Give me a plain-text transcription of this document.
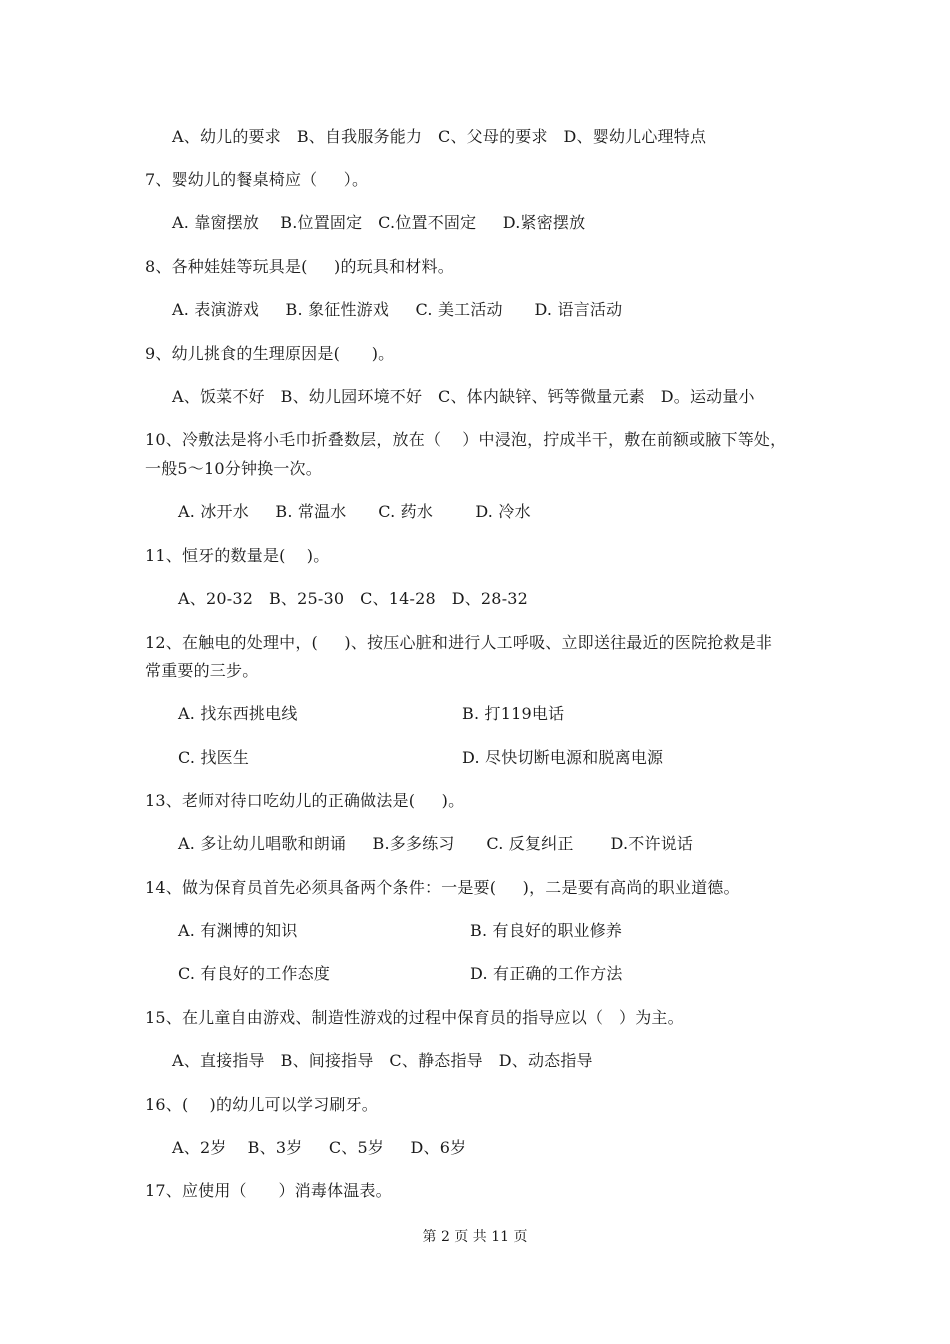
A、幼儿的要求   B、自我服务能力   C、父母的要求   D、婴幼儿心理特点
7、婴幼儿的餐桌椅应（     ）。
A. 靠窗摆放    B.位置固定   C.位置不固定     D.紧密摆放
8、各种娃娃等玩具是(     )的玩具和材料。
A. 表演游戏     B. 象征性游戏     C. 美工活动      D. 语言活动
9、幼儿挑食的生理原因是(      )。
A、饭菜不好   B、幼儿园环境不好   C、体内缺锌、钙等微量元素   D。运动量小
10、冷敷法是将小毛巾折叠数层，放在（    ）中浸泡，拧成半干，敷在前额或腋下等处，
一般5～10分钟换一次。
A. 冰开水     B. 常温水      C. 药水        D. 冷水
11、恒牙的数量是(    )。
A、20-32   B、25-30   C、14-28   D、28-32
12、在触电的处理中，(     )、按压心脏和进行人工呼吸、立即送往最近的医院抢救是非
常重要的三步。
A. 找东西挑电线	B. 打119电话
C. 找医生	D. 尽快切断电源和脱离电源
13、老师对待口吃幼儿的正确做法是(     )。
A. 多让幼儿唱歌和朗诵     B.多多练习      C. 反复纠正       D.不许说话
14、做为保育员首先必须具备两个条件：一是要(     )，二是要有高尚的职业道德。
A. 有渊博的知识	B. 有良好的职业修养
C. 有良好的工作态度	D. 有正确的工作方法
15、在儿童自由游戏、制造性游戏的过程中保育员的指导应以（   ）为主。
A、直接指导   B、间接指导   C、静态指导   D、动态指导
16、(    )的幼儿可以学习刷牙。
A、2岁    B、3岁     C、5岁     D、6岁
17、应使用（      ）消毒体温表。
第 2 页 共 11 页
